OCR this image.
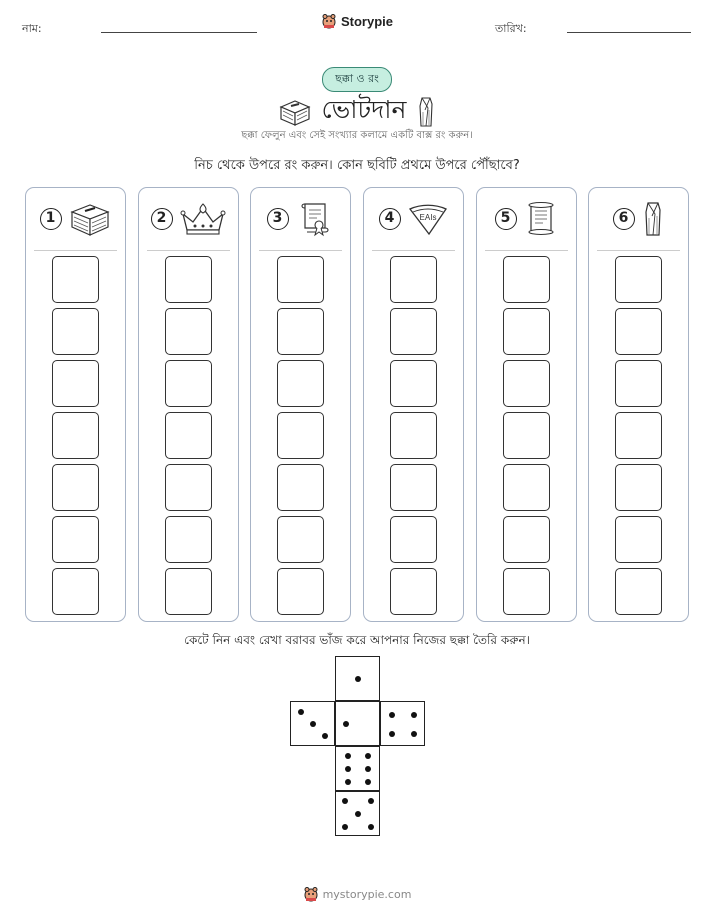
নাম:	Storypie	তারিখ:
ছক্কা ও রং
ভোটদান
ছক্কা ফেলুন এবং সেই সংখ্যার কলামে একটি বাক্স রং করুন।
নিচ থেকে উপরে রং করুন। কোন ছবিটি প্রথমে উপরে পৌঁছাবে?
1	2	3	4	EAIs	5	6
কেটে নিন এবং রেখা বরাবর ভাঁজ করে আপনার নিজের ছক্কা তৈরি করুন।
mystorypie.com
